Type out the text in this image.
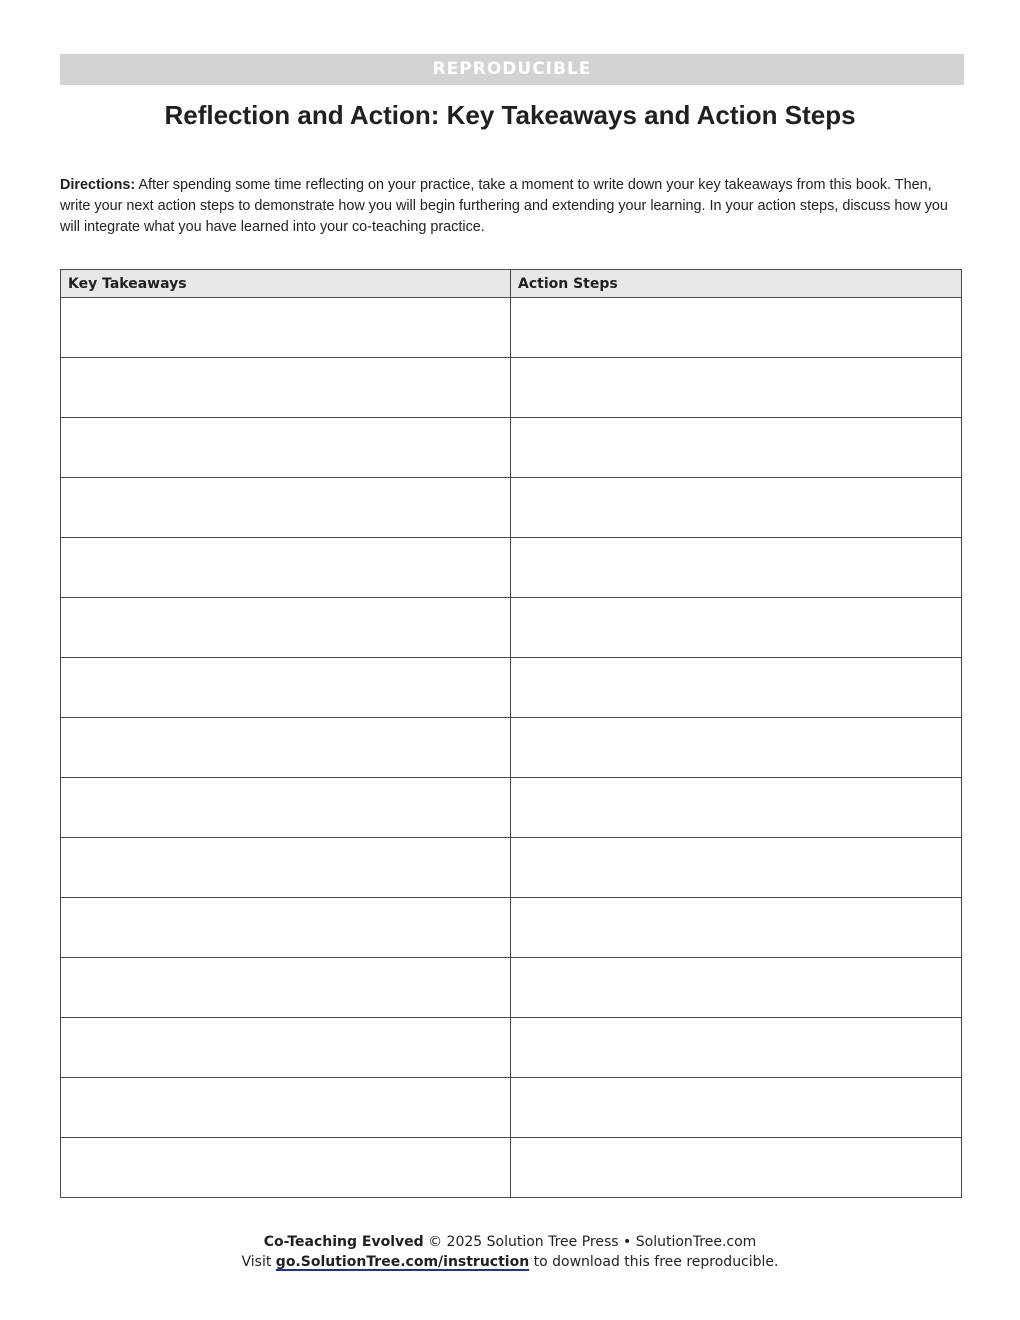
REPRODUCIBLE
Reflection and Action: Key Takeaways and Action Steps

Directions: After spending some time reflecting on your practice, take a moment to write down your key takeaways from this book. Then, write your next action steps to demonstrate how you will begin furthering and extending your learning. In your action steps, discuss how you will integrate what you have learned into your co-teaching practice.

Key Takeaways	Action Steps

Co-Teaching Evolved © 2025 Solution Tree Press • SolutionTree.com
Visit go.SolutionTree.com/instruction to download this free reproducible.
